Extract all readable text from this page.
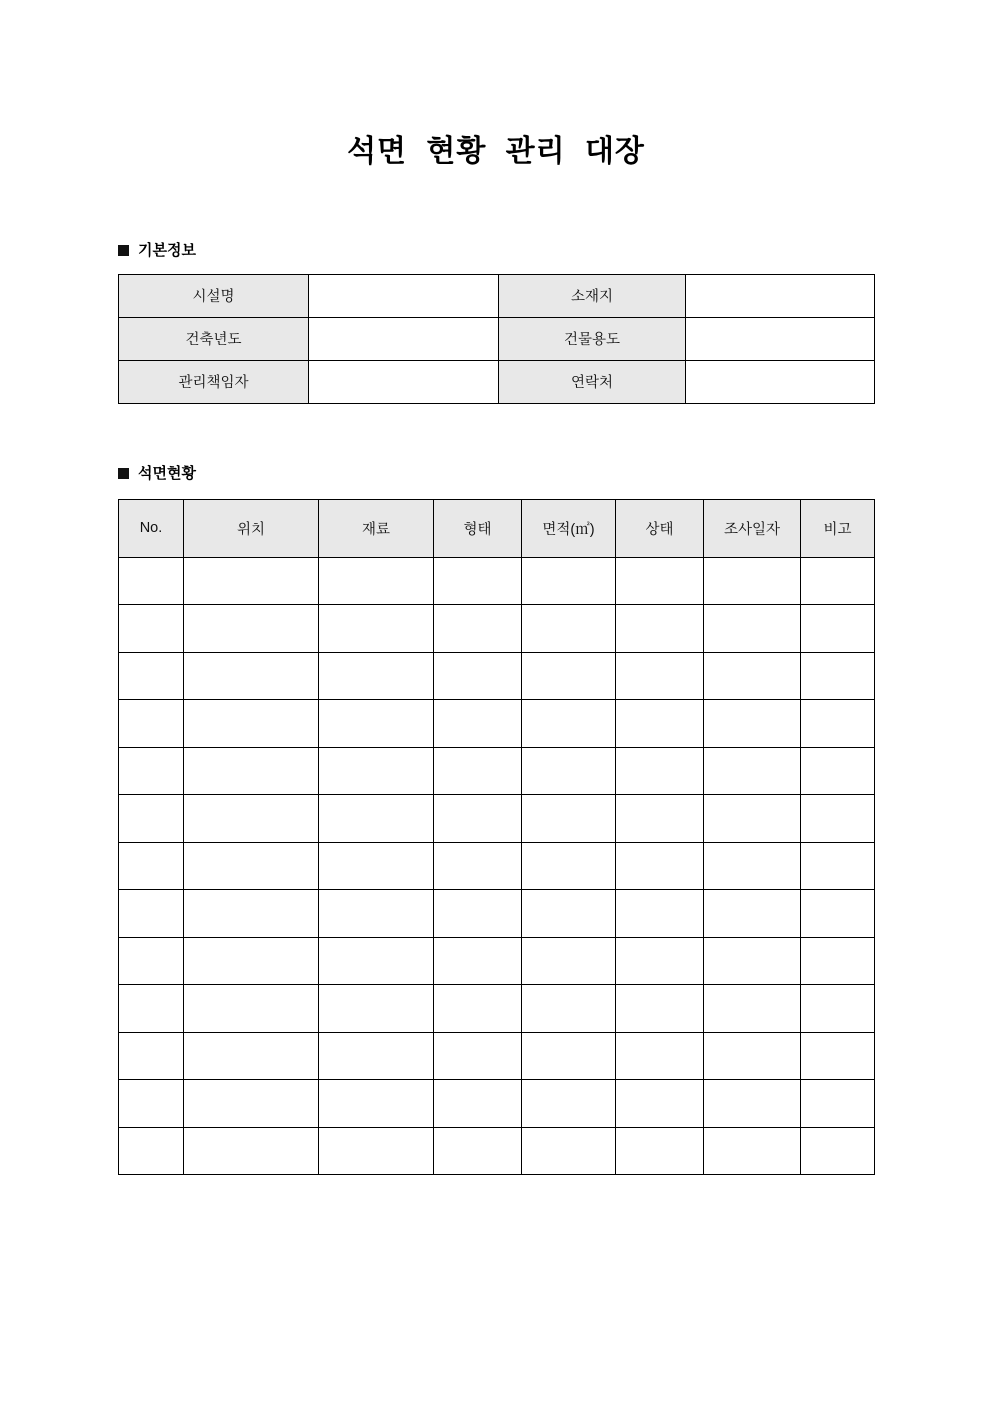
석면 현황 관리 대장
기본정보
시설명		소재지	
건축년도		건물용도	
관리책임자		연락처	
석면현황
No.	위치	재료	형태	면적(㎡)	상태	조사일자	비고
